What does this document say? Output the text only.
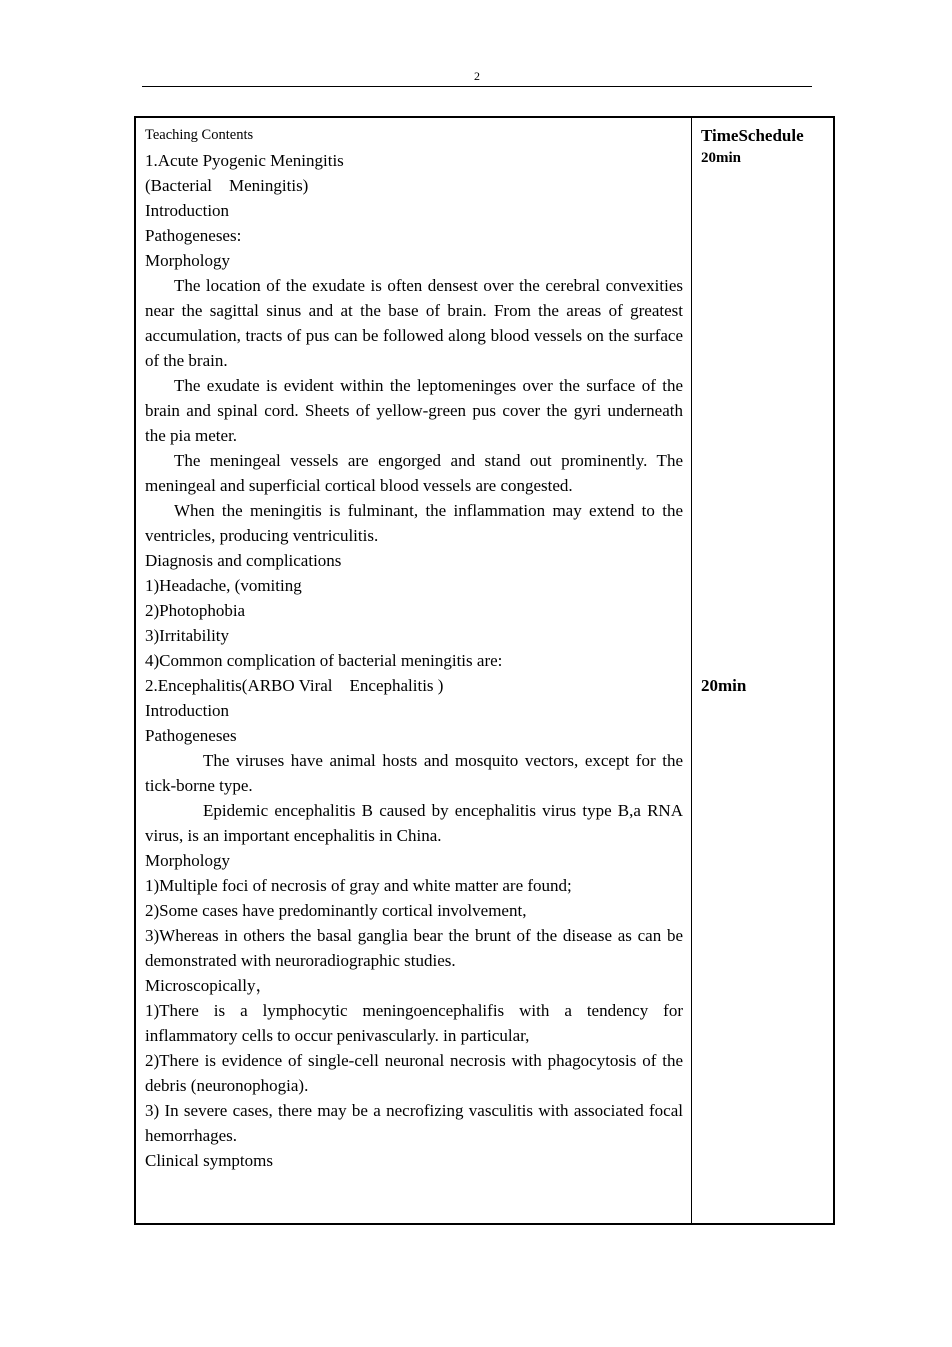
2

Teaching Contents

1.Acute Pyogenic Meningitis

(Bacterial    Meningitis)

Introduction

Pathogeneses:

Morphology

The location of the exudate is often densest over the cerebral convexities near the sagittal sinus and at the base of brain. From the areas of greatest accumulation, tracts of pus can be followed along blood vessels on the surface of the brain.

The exudate is evident within the leptomeninges over the surface of the brain and spinal cord. Sheets of yellow-green pus cover the gyri underneath the pia meter.

The meningeal vessels are engorged and stand out prominently. The meningeal and superficial cortical blood vessels are congested.

When the meningitis is fulminant, the inflammation may extend to the ventricles, producing ventriculitis.

Diagnosis and complications

1)Headache, (vomiting

2)Photophobia

3)Irritability

4)Common complication of bacterial meningitis are:

2.Encephalitis(ARBO Viral    Encephalitis )

Introduction

Pathogeneses

The viruses have animal hosts and mosquito vectors, except for the tick-borne type.

Epidemic encephalitis B caused by encephalitis virus type B,a RNA virus, is an important encephalitis in China.

Morphology

1)Multiple foci of necrosis of gray and white matter are found;

2)Some cases have predominantly cortical involvement,

3)Whereas in others the basal ganglia bear the brunt of the disease as can be demonstrated with neuroradiographic studies.

Microscopically，

1)There is a lymphocytic meningoencephalifis with a tendency for inflammatory cells to occur penivascularly. in particular,

2)There is evidence of single-cell neuronal necrosis with phagocytosis of the debris (neuronophogia).

3) In severe cases, there may be a necrofizing vasculitis with associated focal hemorrhages.

Clinical symptoms

TimeSchedule
20min
20min
